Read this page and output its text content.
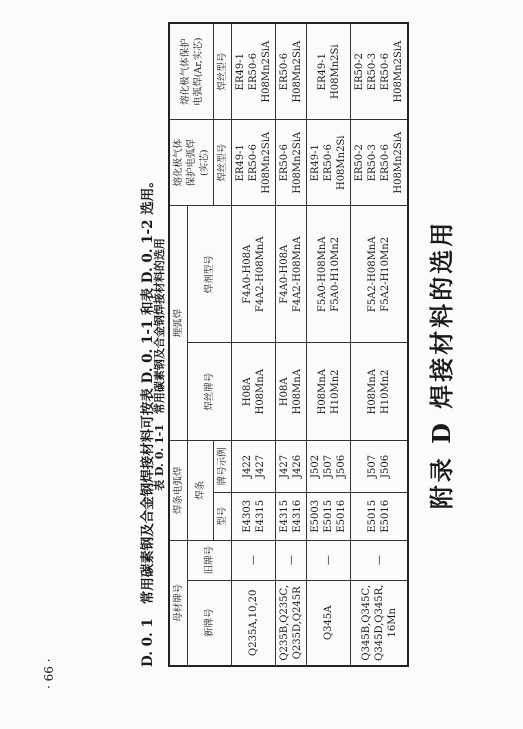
· 66 ·
附录 D 焊接材料的选用
D. 0. 1常用碳素钢及合金钢焊接材料可按表 D. 0. 1-1 和表 D. 0. 1-2 选用。
表 D. 0. 1-1常用碳素钢及合金钢焊接材料的选用
母材牌号		焊条电弧焊		埋弧焊		熔化极气体 保护电弧焊 (实芯)	熔化极气体保护 电弧焊(Ar,实芯)

新牌号	旧牌号	焊条		焊丝牌号	焊剂型号		
		型号	牌号示例			焊丝型号	焊丝型号

Q235A,10,20	—	E4303 E4315	J422 J427	H08A H08MnA	F4A0-H08A F4A2-H08MnA	ER49-1 ER50-6 H08Mn2SiA	ER49-1 ER50-6 H08Mn2SiA

Q235B,Q235C, Q235D,Q245R	—	E4315 E4316	J427 J426	H08A H08MnA	F4A0-H08A F4A2-H08MnA	ER50-6 H08Mn2SiA	ER50-6 H08Mn2SiA

Q345A	—	E5003 E5015 E5016	J502 J507 J506	H08MnA H10Mn2	F5A0-H08MnA F5A0-H10Mn2	ER49-1 ER50-6 H08Mn2Si	ER49-1 H08Mn2Si

Q345B,Q345C, Q345D,Q345R, 16Mn	—	E5015 E5016	J507 J506	H08MnA H10Mn2	F5A2-H08MnA F5A2-H10Mn2	ER50-2 ER50-3 ER50-6 H08Mn2SiA	ER50-2 ER50-3 ER50-6 H08Mn2SiA
